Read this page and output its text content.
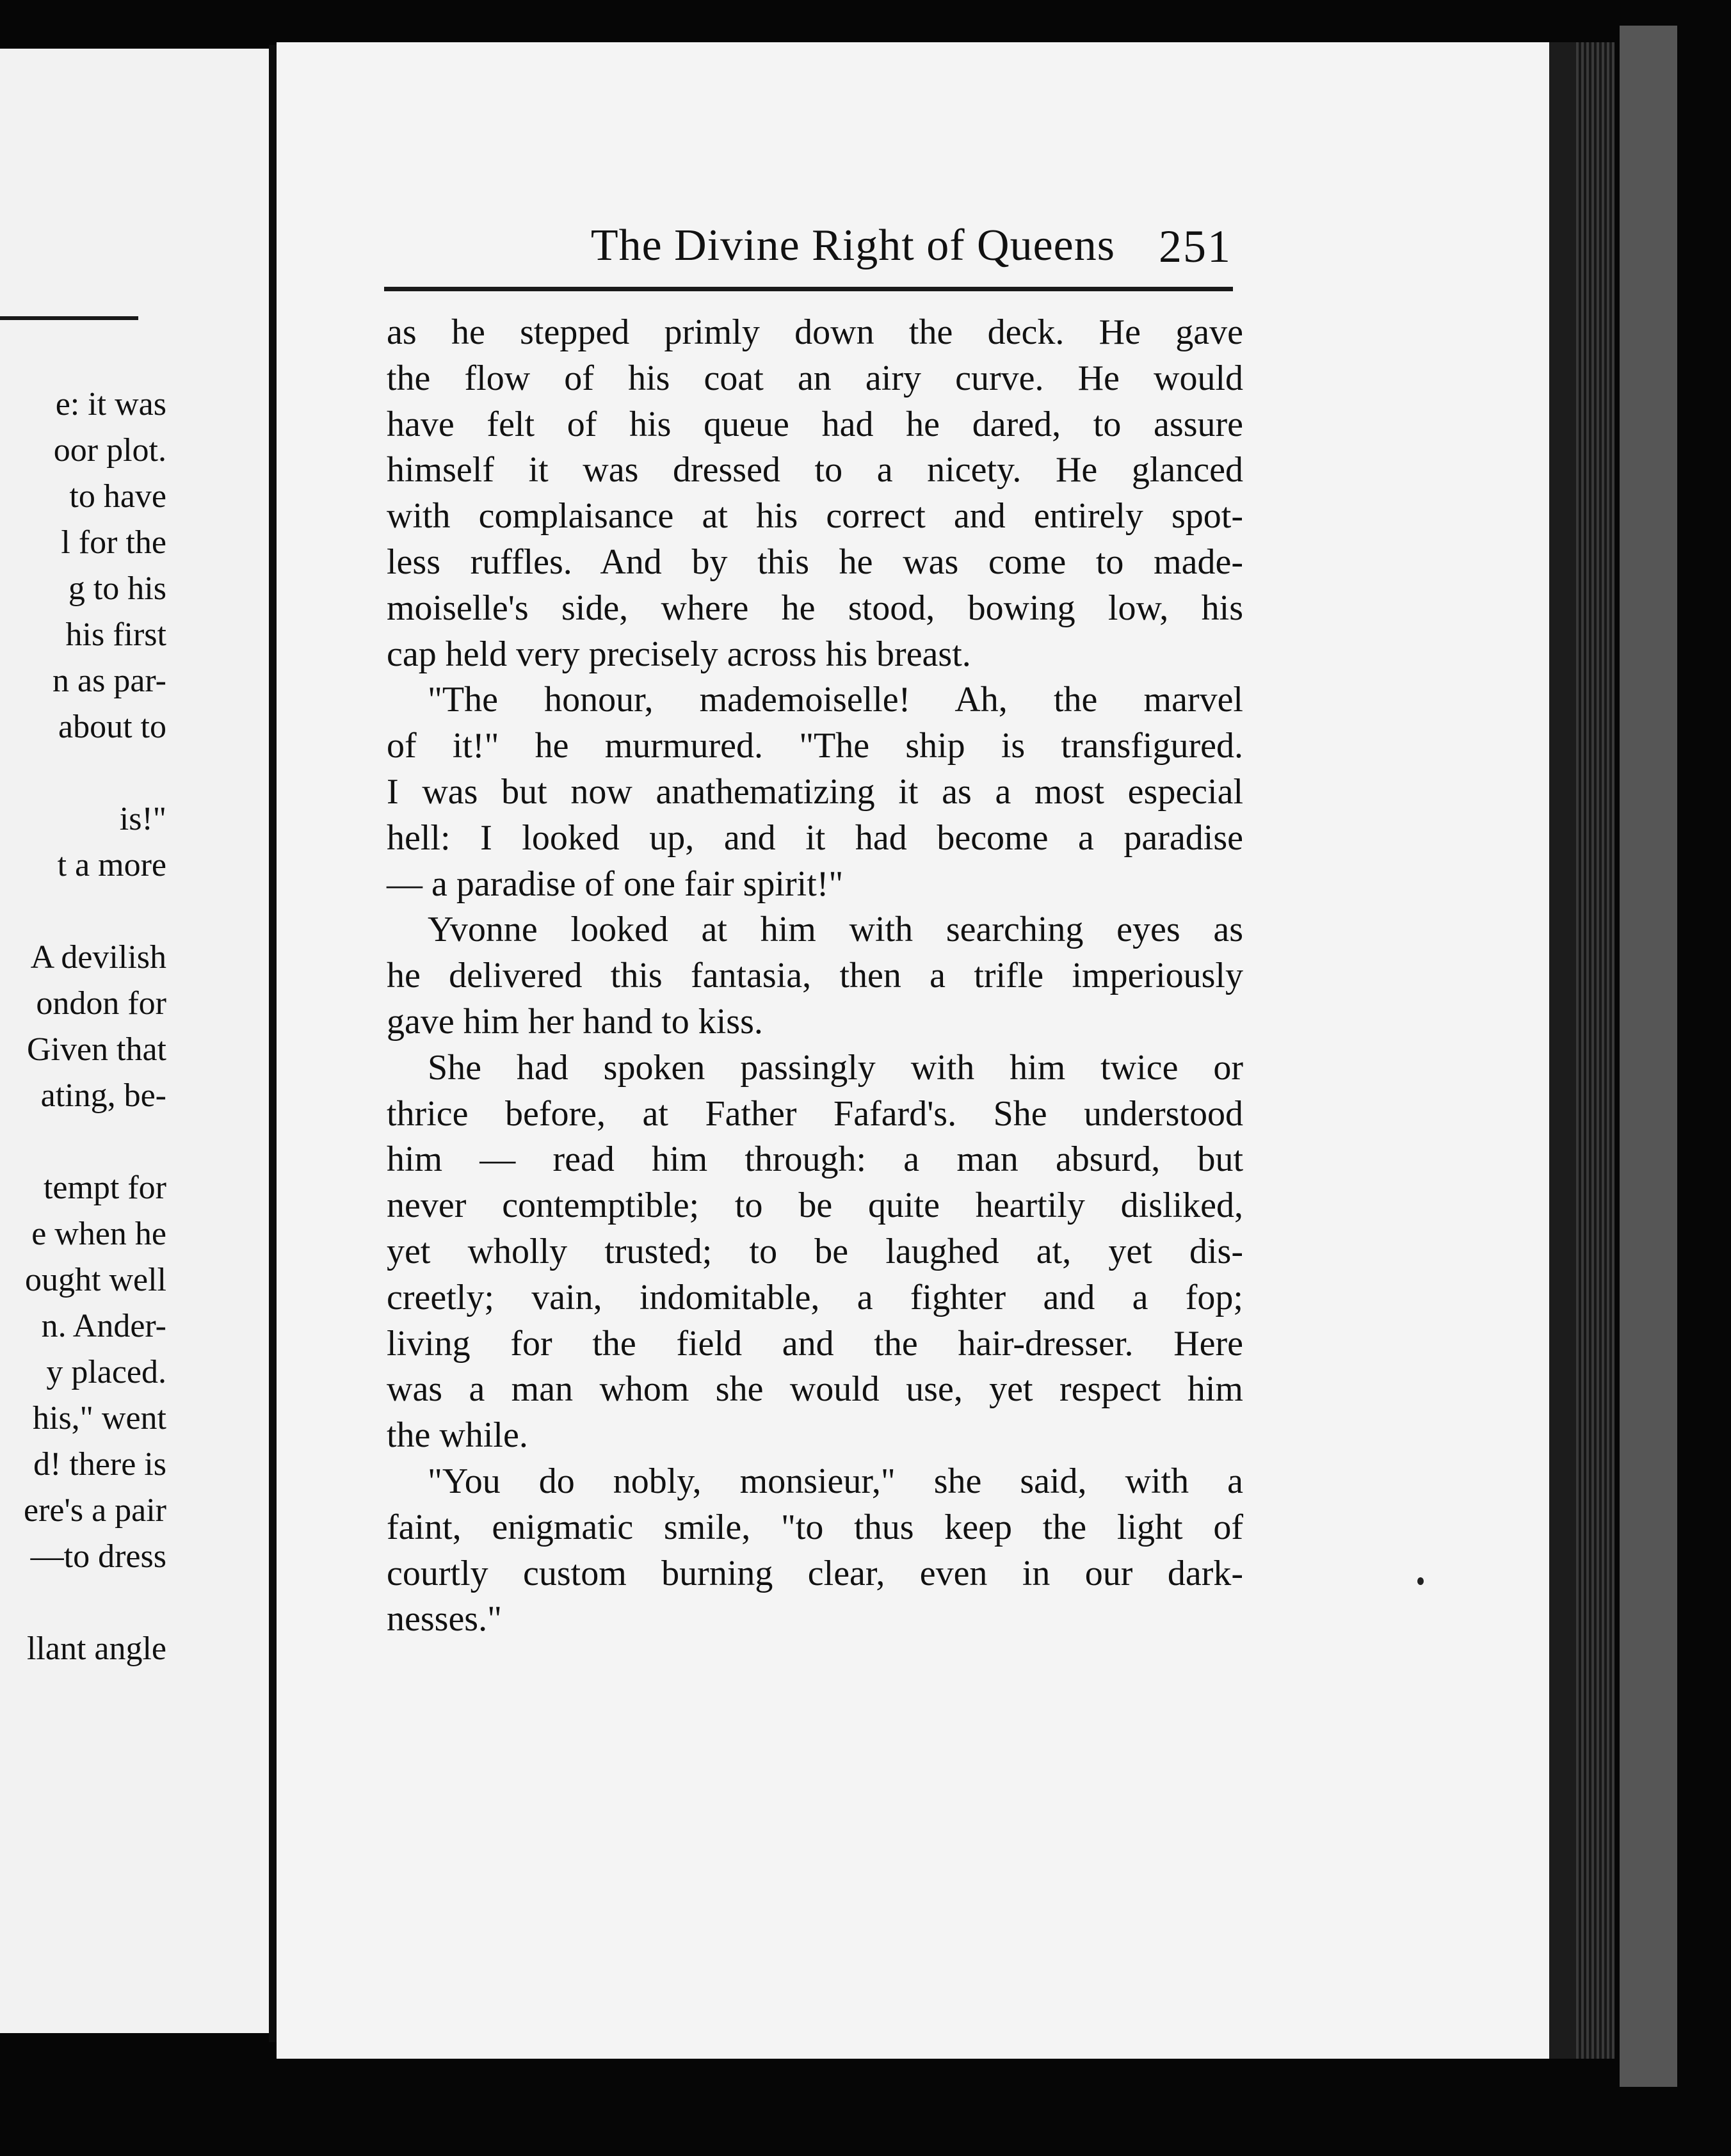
e: it was
oor plot.
to have
l for the
g to his
his first
n as par-
about to
is!"
t a more
A devilish
ondon for
Given that
ating, be-
tempt for
e when he
ought well
n. Ander-
y placed.
his," went
d! there is
ere's a pair
—to dress
llant angle
The Divine Right of Queens 251
as he stepped primly down the deck. He gave
the flow of his coat an airy curve. He would
have felt of his queue had he dared, to assure
himself it was dressed to a nicety. He glanced
with complaisance at his correct and entirely spot-
less ruffles. And by this he was come to made-
moiselle's side, where he stood, bowing low, his
cap held very precisely across his breast.
"The honour, mademoiselle! Ah, the marvel
of it!" he murmured. "The ship is transfigured.
I was but now anathematizing it as a most especial
hell: I looked up, and it had become a paradise
— a paradise of one fair spirit!"
Yvonne looked at him with searching eyes as
he delivered this fantasia, then a trifle imperiously
gave him her hand to kiss.
She had spoken passingly with him twice or
thrice before, at Father Fafard's. She understood
him — read him through: a man absurd, but
never contemptible; to be quite heartily disliked,
yet wholly trusted; to be laughed at, yet dis-
creetly; vain, indomitable, a fighter and a fop;
living for the field and the hair-dresser. Here
was a man whom she would use, yet respect him
the while.
"You do nobly, monsieur," she said, with a
faint, enigmatic smile, "to thus keep the light of
courtly custom burning clear, even in our dark-
nesses."
